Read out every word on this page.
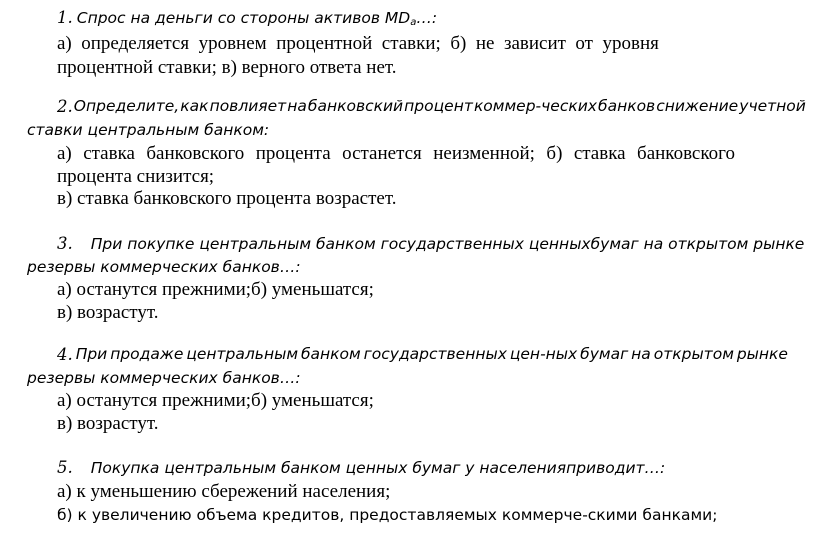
1. Спрос на деньги со стороны активов $MD_a\dots$:
а) определяется уровнем процентной ставки; б) не зависит от уровня
процентной ставки; в) верного ответа нет.
2. Определите, как повлияет на банковский процент коммер-ческих банков снижение учетной
ставки центральным банком:
а) ставка банковского процента останется неизменной; б) ставка банковского
процента снизится;
в) ставка банковского процента возрастет.
3. При покупке центральным банком государственных ценныхбумаг на открытом рынке
резервы коммерческих банков…:
а) останутся прежними;б) уменьшатся;
в) возрастут.
4. При продаже центральным банком государственных цен-ных бумаг на открытом рынке
резервы коммерческих банков…:
а) останутся прежними;б) уменьшатся;
в) возрастут.
5. Покупка центральным банком ценных бумаг у населенияприводит…:
а) к уменьшению сбережений населения;
б) к увеличению объема кредитов, предоставляемых коммерче-скими банками;
